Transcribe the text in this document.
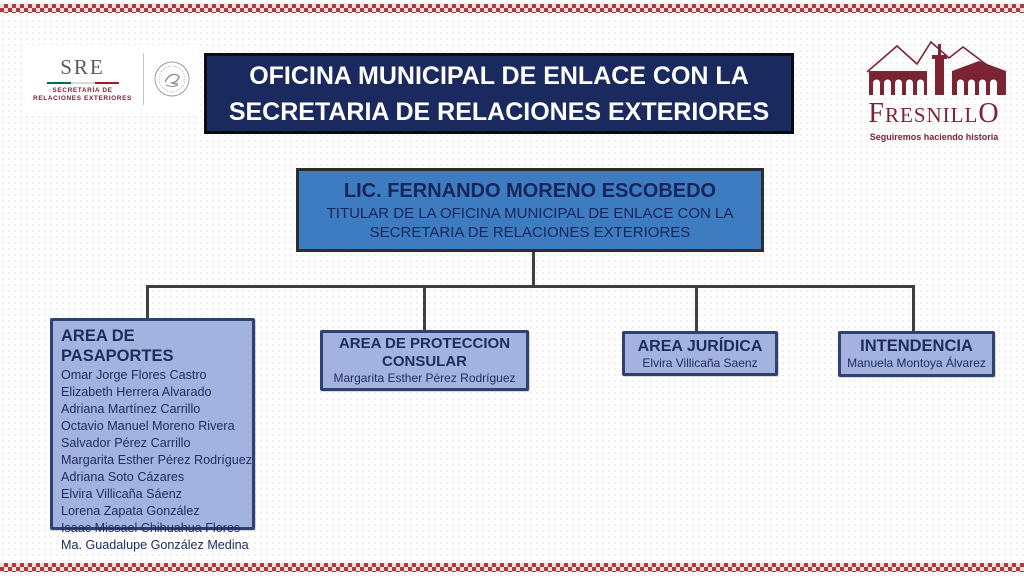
SRE
SECRETARÍA DE
RELACIONES EXTERIORES
OFICINA MUNICIPAL DE ENLACE CON LA
SECRETARIA DE RELACIONES EXTERIORES	FRESNILLO
Seguiremos haciendo historia
LIC. FERNANDO MORENO ESCOBEDO
TITULAR DE LA OFICINA MUNICIPAL DE ENLACE CON LA
SECRETARIA DE RELACIONES EXTERIORES
AREA DE PASAPORTES
Omar Jorge Flores Castro
Elizabeth Herrera Alvarado
Adriana Martínez Carrillo
Octavio Manuel Moreno Rivera
Salvador Pérez Carrillo
Margarita Esther Pérez Rodríguez
Adriana Soto Cázares
Elvira Villicaña Sáenz
Lorena Zapata González
Isaac Missael Chihuahua Flores
Ma. Guadalupe González Medina
AREA DE PROTECCION CONSULAR
Margarita Esther Pérez Rodríguez
AREA JURÍDICA
Elvira Villicaña Saenz
INTENDENCIA
Manuela Montoya Álvarez
